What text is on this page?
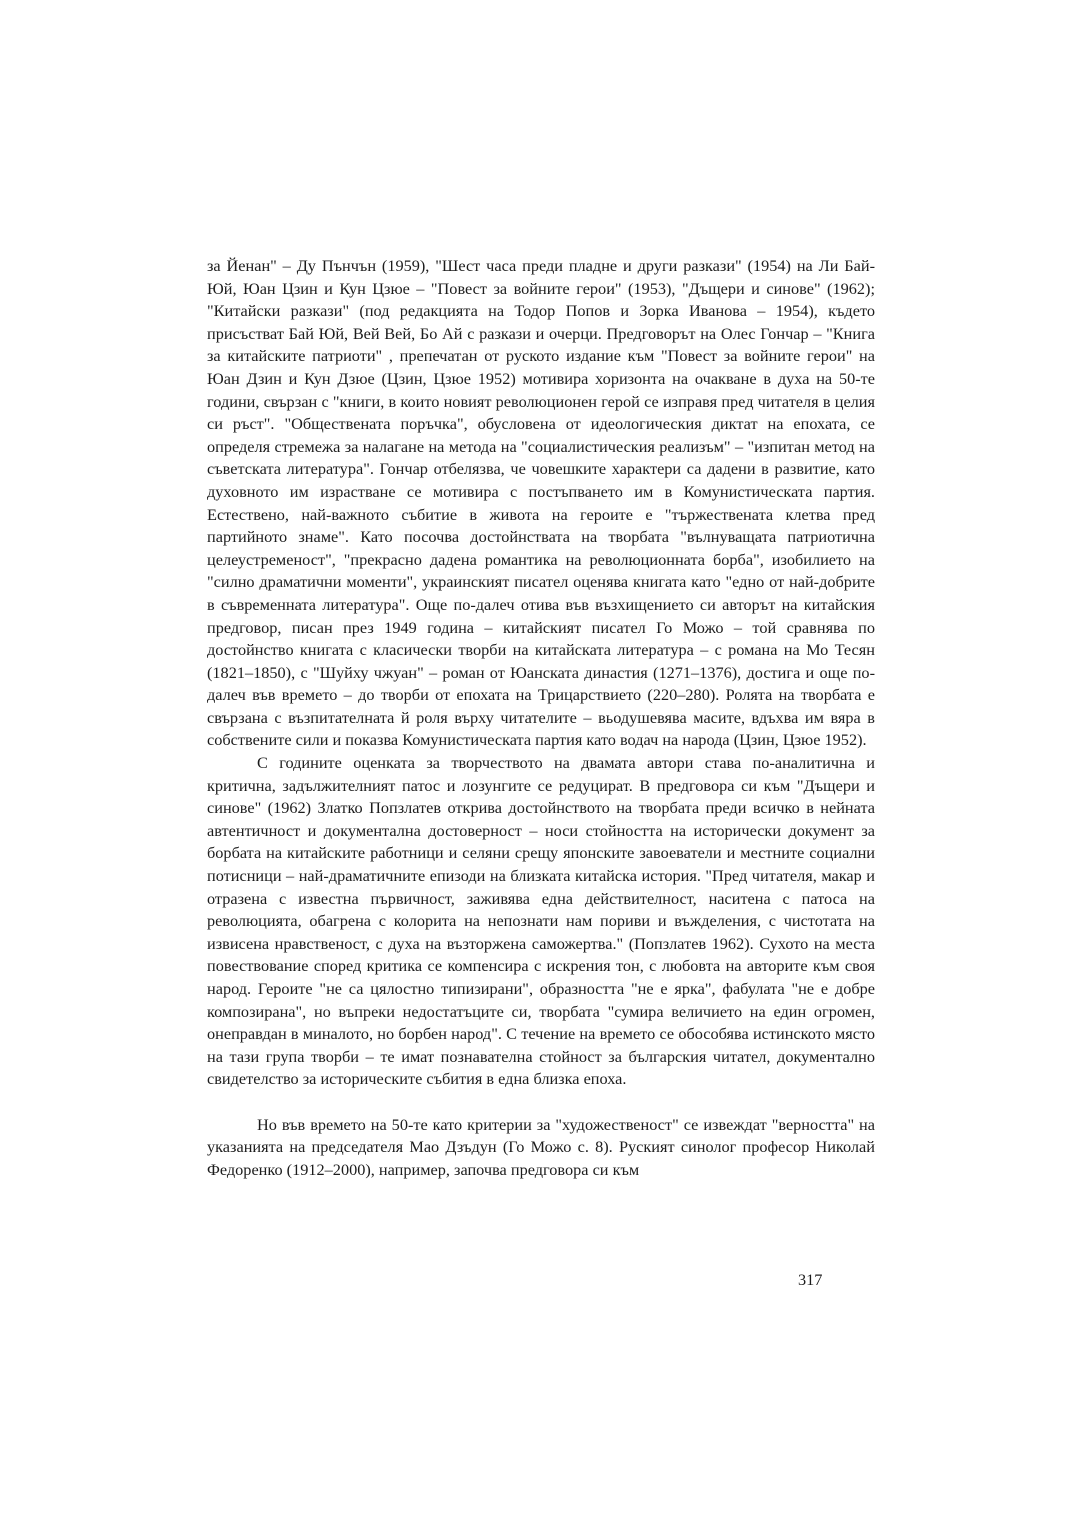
за Йенан" – Ду Пънчън (1959), "Шест часа преди пладне и други разкази" (1954) на Ли Бай-Юй, Юан Цзин и Кун Цзюе – "Повест за войните герои" (1953), "Дъщери и синове" (1962); "Китайски разкази" (под редакцията на Тодор Попов и Зорка Иванова – 1954), където присъстват Бай Юй, Вей Вей, Бо Ай с разкази и очерци. Предговорът на Олес Гончар – "Книга за китайските патриоти" , препечатан от руското издание към "Повест за войните герои" на Юан Дзин и Кун Дзюе (Цзин, Цзюе 1952) мотивира хоризонта на очакване в духа на 50-те години, свързан с "книги, в които новият революционен герой се изправя пред читателя в целия си ръст". "Обществената поръчка", обусловена от идеологическия диктат на епохата, се определя стремежа за налагане на метода на "социалистическия реализъм" – "изпитан метод на съветската литература". Гончар отбелязва, че човешките характери са дадени в развитие, като духовното им израстване се мотивира с постъпването им в Комунистическата партия. Естествено, най-важното събитие в живота на героите е "тържествената клетва пред партийното знаме". Като посочва достойнствата на творбата "вълнуващата патриотична целеустременост", "прекрасно дадена романтика на революционната борба", изобилието на "силно драматични моменти", украинският писател оценява книгата като "едно от най-добрите в съвременната литература". Още по-далеч отива във възхищението си авторът на китайския предговор, писан през 1949 година – китайският писател Го Можо – той сравнява по достойнство книгата с класически творби на китайската литература – с романа на Мо Тесян (1821–1850), с "Шуйху чжуан" – роман от Юанската династия (1271–1376), достига и още по-далеч във времето – до творби от епохата на Трицарствието (220–280). Ролята на творбата е свързана с възпитателната й роля върху читателите – вьодушевява масите, вдъхва им вяра в собствените сили и показва Комунистическата партия като водач на народа (Цзин, Цзюе 1952).

С годините оценката за творчеството на двамата автори става по-аналитична и критична, задължителният патос и лозунгите се редуцират. В предговора си към "Дъщери и синове" (1962) Златко Попзлатев открива достойнството на творбата преди всичко в нейната автентичност и документална достоверност – носи стойността на исторически документ за борбата на китайските работници и селяни срещу японските завоеватели и местните социални потисници – най-драматичните епизоди на близката китайска история. "Пред читателя, макар и отразена с известна първичност, заживява една действителност, наситена с патоса на революцията, обагрена с колорита на непознати нам пориви и въжделения, с чистотата на извисена нравственост, с духа на възторжена саможертва." (Попзлатев 1962). Сухото на места повествование според критика се компенсира с искрения тон, с любовта на авторите към своя народ. Героите "не са цялостно типизирани", образността "не е ярка", фабулата "не е добре композирана", но въпреки недостатъците си, творбата "сумира величието на един огромен, онеправдан в миналото, но борбен народ". С течение на времето се обособява истинското място на тази група творби – те имат познавателна стойност за българския читател, документално свидетелство за историческите събития в една близка епоха.

Но във времето на 50-те като критерии за "художественост" се извеждат "верността" на указанията на председателя Мао Дзъдун (Го Можо с. 8). Руският синолог професор Николай Федоренко (1912–2000), например, започва предговора си към

317
